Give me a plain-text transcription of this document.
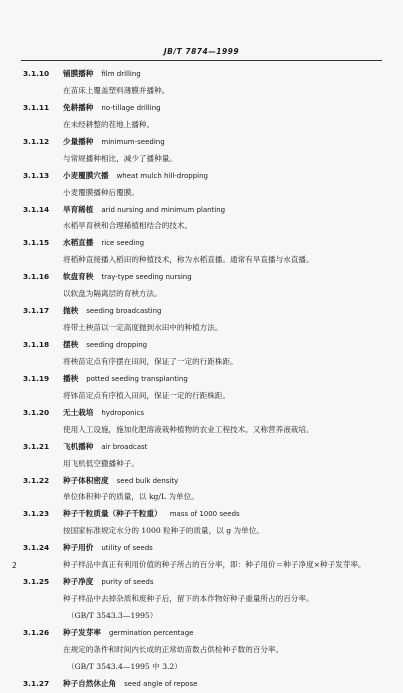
JB/T 7874—1999
3.1.10	铺膜播种 film drilling
在苗床上覆盖塑料薄膜并播种。
3.1.11	免耕播种 no-tillage drilling
在未经耕整的茬地上播种。
3.1.12	少量播种 minimum-seeding
与常规播种相比，减少了播种量。
3.1.13	小麦覆膜穴播 wheat mulch hill-dropping
小麦覆膜播种后覆膜。
3.1.14	旱育稀植 arid nursing and minimum planting
水稻旱育秧和合理稀植相结合的技术。
3.1.15	水稻直播 rice seeding
将稻种直接播入稻田的种植技术，称为水稻直播。通常有旱直播与水直播。
3.1.16	软盘育秧 tray-type seeding nursing
以软盘为隔离层的育秧方法。
3.1.17	抛秧 seeding broadcasting
将带土秧苗以一定高度抛到水田中的种植方法。
3.1.18	摆秧 seeding dropping
将秧苗定点有序摆在田间，保证了一定的行距株距。
3.1.19	播秧 potted seeding transplanting
将钵苗定点有序植入田间，保证一定的行距株距。
3.1.20	无土栽培 hydroponics
使用人工设施，施加化肥溶液栽种植物的农业工程技术。又称营养液栽培。
3.1.21	飞机播种 air broadcast
用飞机低空撒播种子。
3.1.22	种子体积密度 seed bulk density
单位体积种子的质量，以 kg/L 为单位。
3.1.23	种子千粒质量（种子千粒重） mass of 1000 seeds
按国家标准规定水分的 1000 粒种子的质量，以 g 为单位。
3.1.24	种子用价 utility of seeds
种子样品中真正有利用价值的种子所占的百分率，即：种子用价＝种子净度×种子发芽率。
3.1.25	种子净度 purity of seeds
种子样品中去掉杂质和废种子后，留下的本作物好种子重量所占的百分率。
（GB/T 3543.3—1995）
3.1.26	种子发芽率 germination percentage
在规定的条件和时间内长成的正常幼苗数占供检种子数的百分率。
（GB/T 3543.4—1995 中 3.2）
3.1.27	种子自然休止角 seed angle of repose
2
